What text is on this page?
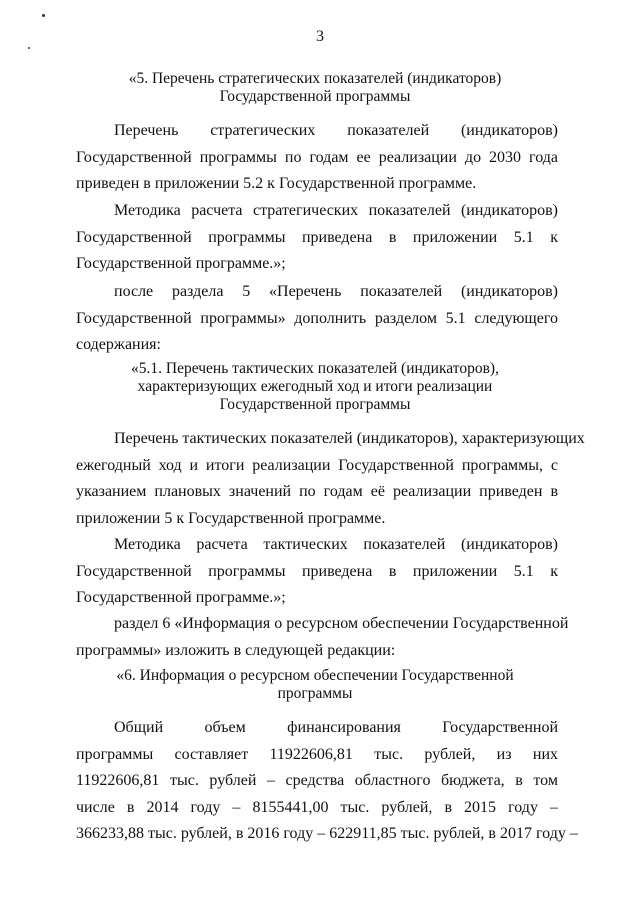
3
«5. Перечень стратегических показателей (индикаторов)
Государственной программы
Перечень стратегических показателей (индикаторов)
Государственной программы по годам ее реализации до 2030 года
приведен в приложении 5.2 к Государственной программе.
Методика расчета стратегических показателей (индикаторов)
Государственной программы приведена в приложении 5.1 к
Государственной программе.»;
после раздела 5 «Перечень показателей (индикаторов)
Государственной программы» дополнить разделом 5.1 следующего
содержания:
«5.1. Перечень тактических показателей (индикаторов),
характеризующих ежегодный ход и итоги реализации
Государственной программы
Перечень тактических показателей (индикаторов), характеризующих
ежегодный ход и итоги реализации Государственной программы, с
указанием плановых значений по годам её реализации приведен в
приложении 5 к Государственной программе.
Методика расчета тактических показателей (индикаторов)
Государственной программы приведена в приложении 5.1 к
Государственной программе.»;
раздел 6 «Информация о ресурсном обеспечении Государственной
программы» изложить в следующей редакции:
«6. Информация о ресурсном обеспечении Государственной
программы
Общий объем финансирования Государственной
программы составляет 11922606,81 тыс. рублей, из них
11922606,81 тыс. рублей – средства областного бюджета, в том
числе в 2014 году – 8155441,00 тыс. рублей, в 2015 году –
366233,88 тыс. рублей, в 2016 году – 622911,85 тыс. рублей, в 2017 году –
